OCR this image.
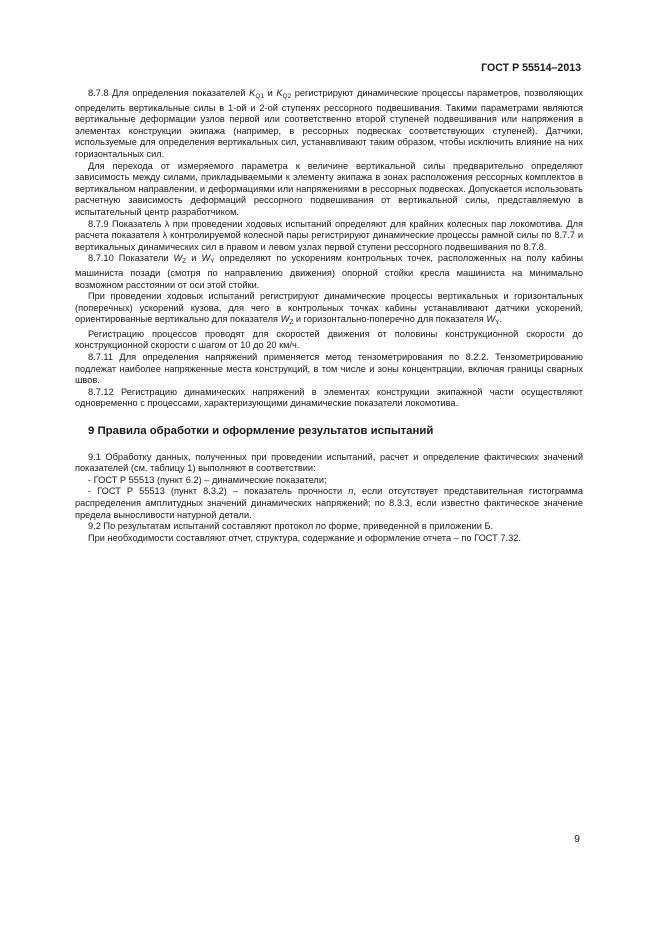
ГОСТ Р 55514–2013

8.7.8 Для определения показателей $K_{Q1}$ и $K_{Q2}$ регистрируют динамические процессы параметров, позволяющих определить вертикальные силы в 1-ой и 2-ой ступенях рессорного подвешивания. Такими параметрами являются вертикальные деформации узлов первой или соответственно второй ступеней подвешивания или напряжения в элементах конструкции экипажа (например, в рессорных подвесках соответствующих ступеней). Датчики, используемые для определения вертикальных сил, устанавливают таким образом, чтобы исключить влияние на них горизонтальных сил.

Для перехода от измеряемого параметра к величине вертикальной силы предварительно определяют зависимость между силами, прикладываемыми к элементу экипажа в зонах расположения рессорных комплектов в вертикальном направлении, и деформациями или напряжениями в рессорных подвесках. Допускается использовать расчетную зависимость деформаций рессорного подвешивания от вертикальной силы, представляемую в испытательный центр разработчиком.

8.7.9 Показатель λ при проведении ходовых испытаний определяют для крайних колесных пар локомотива. Для расчета показателя λ контролируемой колесной пары регистрируют динамические процессы рамной силы по 8.7.7 и вертикальных динамических сил в правом и левом узлах первой ступени рессорного подвешивания по 8.7.8.

8.7.10 Показатели $W_Z$ и $W_Y$ определяют по ускорениям контрольных точек, расположенных на полу кабины машиниста позади (смотря по направлению движения) опорной стойки кресла машиниста на минимально возможном расстоянии от оси этой стойки.

При проведении ходовых испытаний регистрируют динамические процессы вертикальных и горизонтальных (поперечных) ускорений кузова, для чего в контрольных точках кабины устанавливают датчики ускорений, ориентированные вертикально для показателя $W_Z$ и горизонтально-поперечно для показателя $W_Y$.

Регистрацию процессов проводят для скоростей движения от половины конструкционной скорости до конструкционной скорости с шагом от 10 до 20 км/ч.

8.7.11 Для определения напряжений применяется метод тензометрирования по 8.2.2. Тензометрированию подлежат наиболее напряженные места конструкций, в том числе и зоны концентрации, включая границы сварных швов.

8.7.12 Регистрацию динамических напряжений в элементах конструкции экипажной части осуществляют одновременно с процессами, характеризующими динамические показатели локомотива.

9 Правила обработки и оформление результатов испытаний

9.1 Обработку данных, полученных при проведении испытаний, расчет и определение фактических значений показателей (см. таблицу 1) выполняют в соответствии:

- ГОСТ Р 55513 (пункт 6.2) – динамические показатели;

- ГОСТ Р 55513 (пункт 8.3.2) – показатель прочности n, если отсутствует представительная гистограмма распределения амплитудных значений динамических напряжений; по 8.3.3, если известно фактическое значение предела выносливости натурной детали.

9.2 По результатам испытаний составляют протокол по форме, приведенной в приложении Б.

При необходимости составляют отчет, структура, содержание и оформление отчета – по ГОСТ 7.32.

9
